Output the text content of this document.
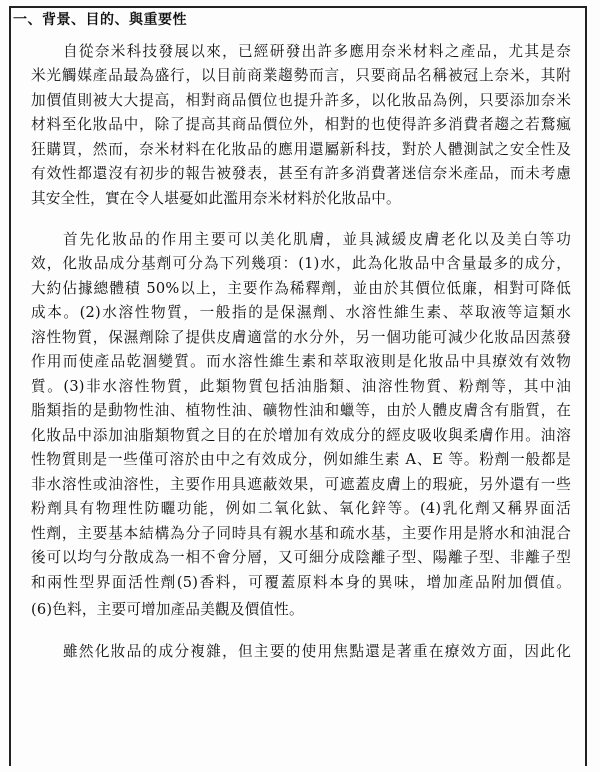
一、背景、目的、與重要性
自從奈米科技發展以來，已經研發出許多應用奈米材料之產品，尤其是奈
米光觸媒產品最為盛行，以目前商業趨勢而言，只要商品名稱被冠上奈米，其附
加價值則被大大提高，相對商品價位也提升許多，以化妝品為例，只要添加奈米
材料至化妝品中，除了提高其商品價位外，相對的也使得許多消費者趨之若鶩瘋
狂購買，然而，奈米材料在化妝品的應用還屬新科技，對於人體測試之安全性及
有效性都還沒有初步的報告被發表，甚至有許多消費著迷信奈米產品，而未考慮
其安全性，實在令人堪憂如此濫用奈米材料於化妝品中。
首先化妝品的作用主要可以美化肌膚，並具減緩皮膚老化以及美白等功
效，化妝品成分基劑可分為下列幾項：(1)水，此為化妝品中含量最多的成分，
大約佔據總體積 50%以上，主要作為稀釋劑，並由於其價位低廉，相對可降低
成本。(2)水溶性物質，一般指的是保濕劑、水溶性維生素、萃取液等這類水
溶性物質，保濕劑除了提供皮膚適當的水分外，另一個功能可減少化妝品因蒸發
作用而使產品乾涸變質。而水溶性維生素和萃取液則是化妝品中具療效有效物
質。(3)非水溶性物質，此類物質包括油脂類、油溶性物質、粉劑等，其中油
脂類指的是動物性油、植物性油、礦物性油和蠟等，由於人體皮膚含有脂質，在
化妝品中添加油脂類物質之目的在於增加有效成分的經皮吸收與柔膚作用。油溶
性物質則是一些僅可溶於由中之有效成分，例如維生素 A、E 等。粉劑一般都是
非水溶性或油溶性，主要作用具遮蔽效果，可遮蓋皮膚上的瑕疵，另外還有一些
粉劑具有物理性防曬功能，例如二氧化鈦、氧化鋅等。(4)乳化劑又稱界面活
性劑，主要基本結構為分子同時具有親水基和疏水基，主要作用是將水和油混合
後可以均勻分散成為一相不會分層，又可細分成陰離子型、陽離子型、非離子型
和兩性型界面活性劑(5)香料，可覆蓋原料本身的異味，增加產品附加價值。
(6)色料，主要可增加產品美觀及價值性。
雖然化妝品的成分複雜，但主要的使用焦點還是著重在療效方面，因此化
